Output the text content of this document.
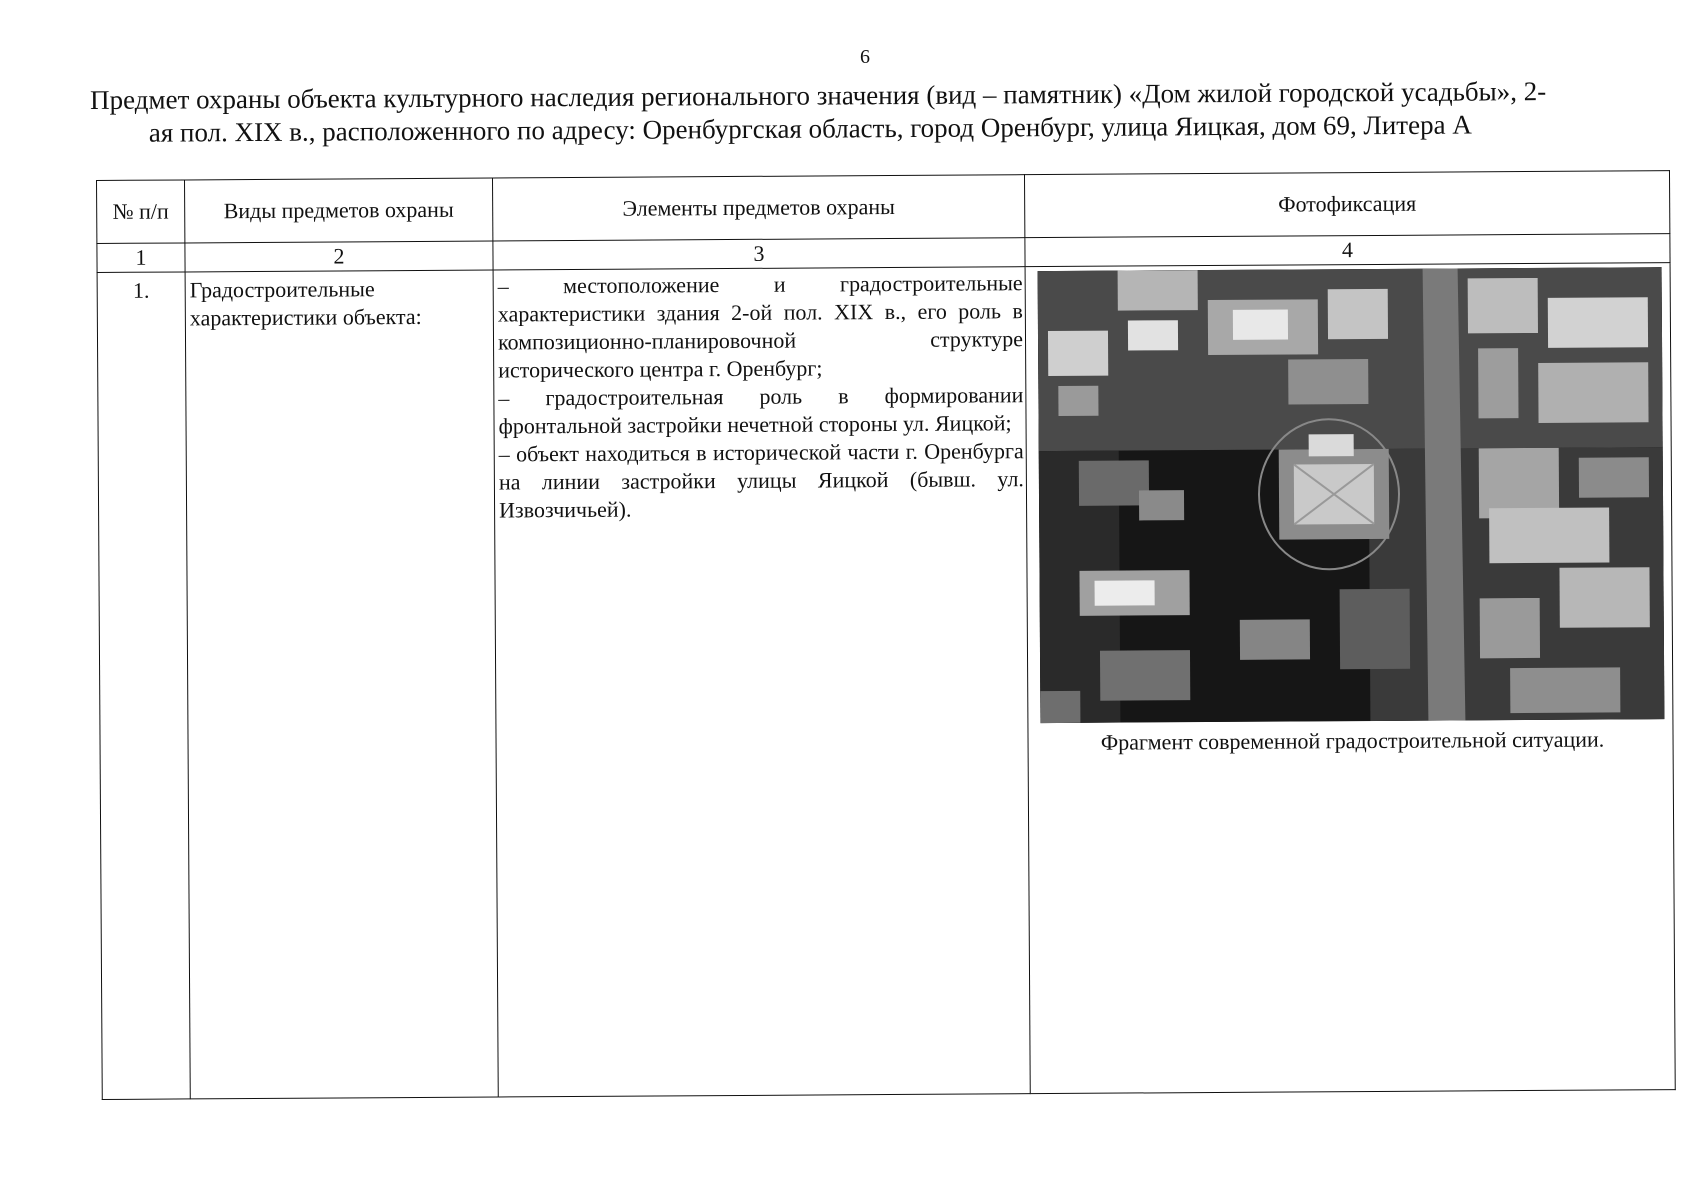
6
Предмет охраны объекта культурного наследия регионального значения (вид – памятник) «Дом жилой городской усадьбы», 2-
ая пол. XIX в., расположенного по адресу: Оренбургская область, город Оренбург, улица Яицкая, дом 69, Литера А
№ п/п	Виды предметов охраны	Элементы предметов охраны	Фотофиксация
1	2	3	4
1.	Градостроительные характеристики объекта:	– местоположение и градостроительные характеристики здания 2-ой пол. XIX в., его роль в композиционно-планировочной структуре исторического центра г. Оренбург;

– градостроительная роль в формировании фронтальной застройки нечетной стороны ул. Яицкой;

– объект находиться в исторической части г. Оренбурга на линии застройки улицы Яицкой (бывш. ул. Извозчичьей).	Фрагмент современной градостроительной ситуации.
